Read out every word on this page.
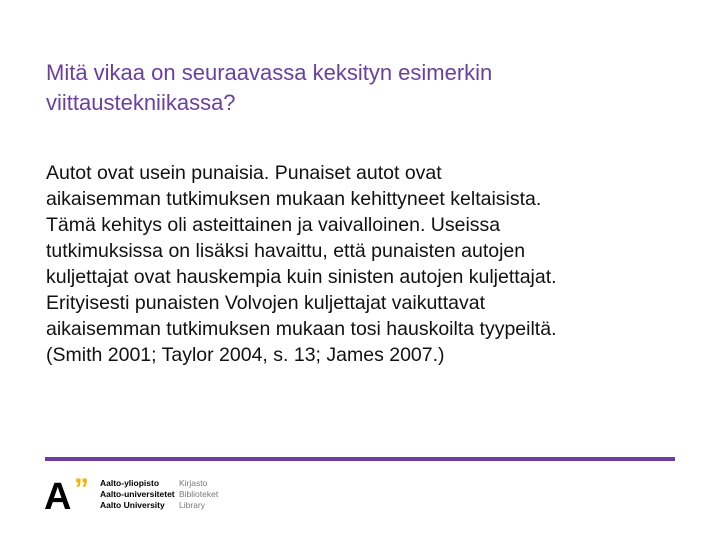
Mitä vikaa on seuraavassa keksityn esimerkin
viittaustekniikassa?
Autot ovat usein punaisia. Punaiset autot ovat
aikaisemman tutkimuksen mukaan kehittyneet keltaisista.
Tämä kehitys oli asteittainen ja vaivalloinen. Useissa
tutkimuksissa on lisäksi havaittu, että punaisten autojen
kuljettajat ovat hauskempia kuin sinisten autojen kuljettajat.
Erityisesti punaisten Volvojen kuljettajat vaikuttavat
aikaisemman tutkimuksen mukaan tosi hauskoilta tyypeiltä.
(Smith 2001; Taylor 2004, s. 13; James 2007.)
A ” Aalto-yliopisto Kirjasto
Aalto-universitetet Biblioteket
Aalto University Library
